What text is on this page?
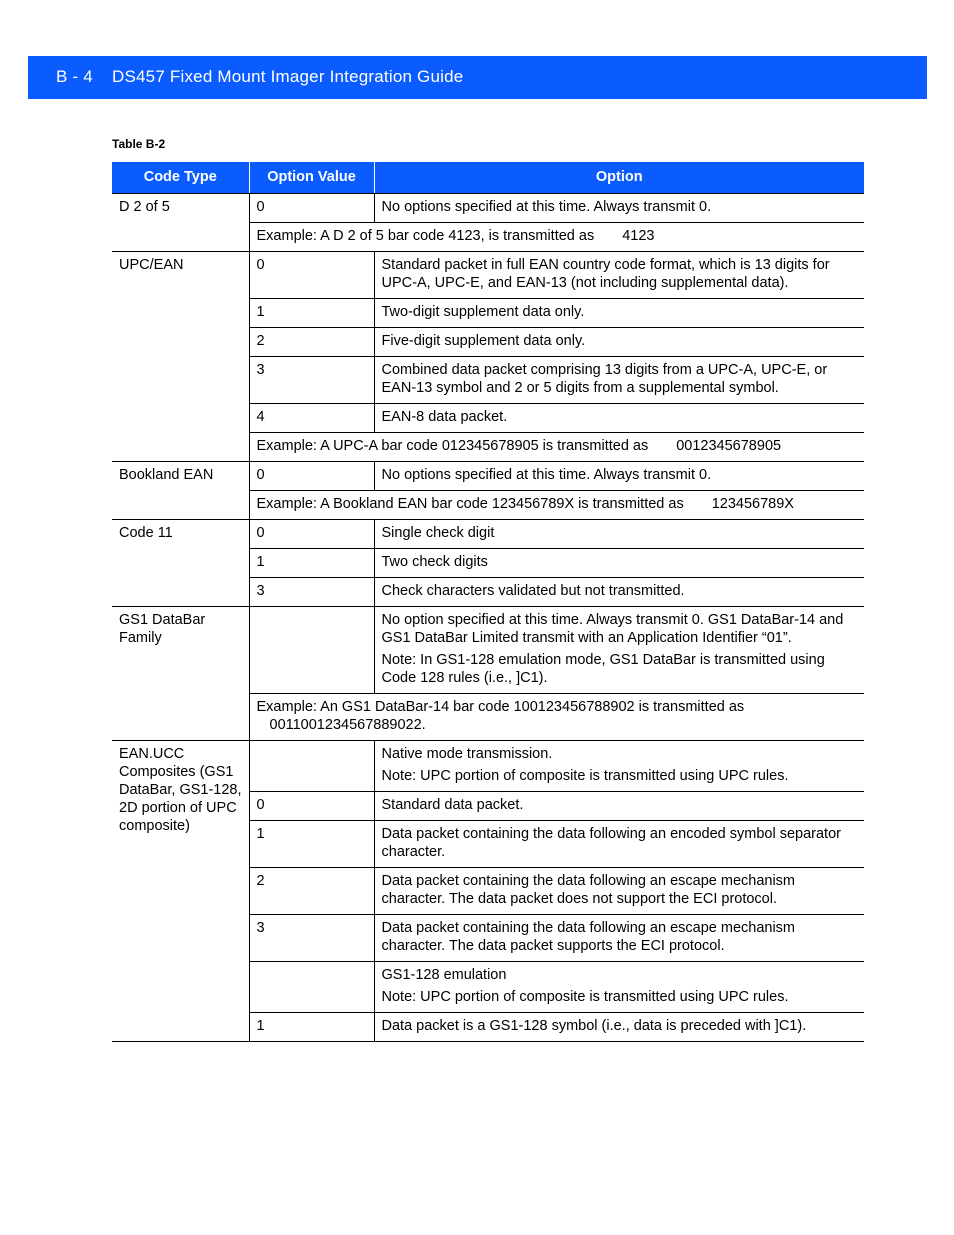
B - 4 DS457 Fixed Mount Imager Integration Guide
Table B-2
Code Type	Option Value	Option
D 2 of 5	0	No options specified at this time. Always transmit 0.
	Example: A D 2 of 5 bar code 4123, is transmitted as 4123	
UPC/EAN	0	Standard packet in full EAN country code format, which is 13 digits for UPC-A, UPC-E, and EAN-13 (not including supplemental data).
	1	Two-digit supplement data only.
	2	Five-digit supplement data only.
	3	Combined data packet comprising 13 digits from a UPC-A, UPC-E, or EAN-13 symbol and 2 or 5 digits from a supplemental symbol.
	4	EAN-8 data packet.
	Example: A UPC-A bar code 012345678905 is transmitted as 0012345678905	
Bookland EAN	0	No options specified at this time. Always transmit 0.
	Example: A Bookland EAN bar code 123456789X is transmitted as 123456789X	
Code 11	0	Single check digit
	1	Two check digits
	3	Check characters validated but not transmitted.
GS1 DataBar Family		No option specified at this time. Always transmit 0. GS1 DataBar-14 and GS1 DataBar Limited transmit with an Application Identifier “01”.

Note: In GS1-128 emulation mode, GS1 DataBar is transmitted using Code 128 rules (i.e., ]C1).

	Example: An GS1 DataBar-14 bar code 100123456788902 is transmitted as
0011001234567889022.	

EAN.UCC Composites (GS1 DataBar, GS1-128, 2D portion of UPC composite)		Native mode transmission.

Note: UPC portion of composite is transmitted using UPC rules.

	0	Standard data packet.
	1	Data packet containing the data following an encoded symbol separator character.
	2	Data packet containing the data following an escape mechanism character. The data packet does not support the ECI protocol.
	3	Data packet containing the data following an escape mechanism character. The data packet supports the ECI protocol.

		GS1-128 emulation

Note: UPC portion of composite is transmitted using UPC rules.

	1	Data packet is a GS1-128 symbol (i.e., data is preceded with ]C1).
